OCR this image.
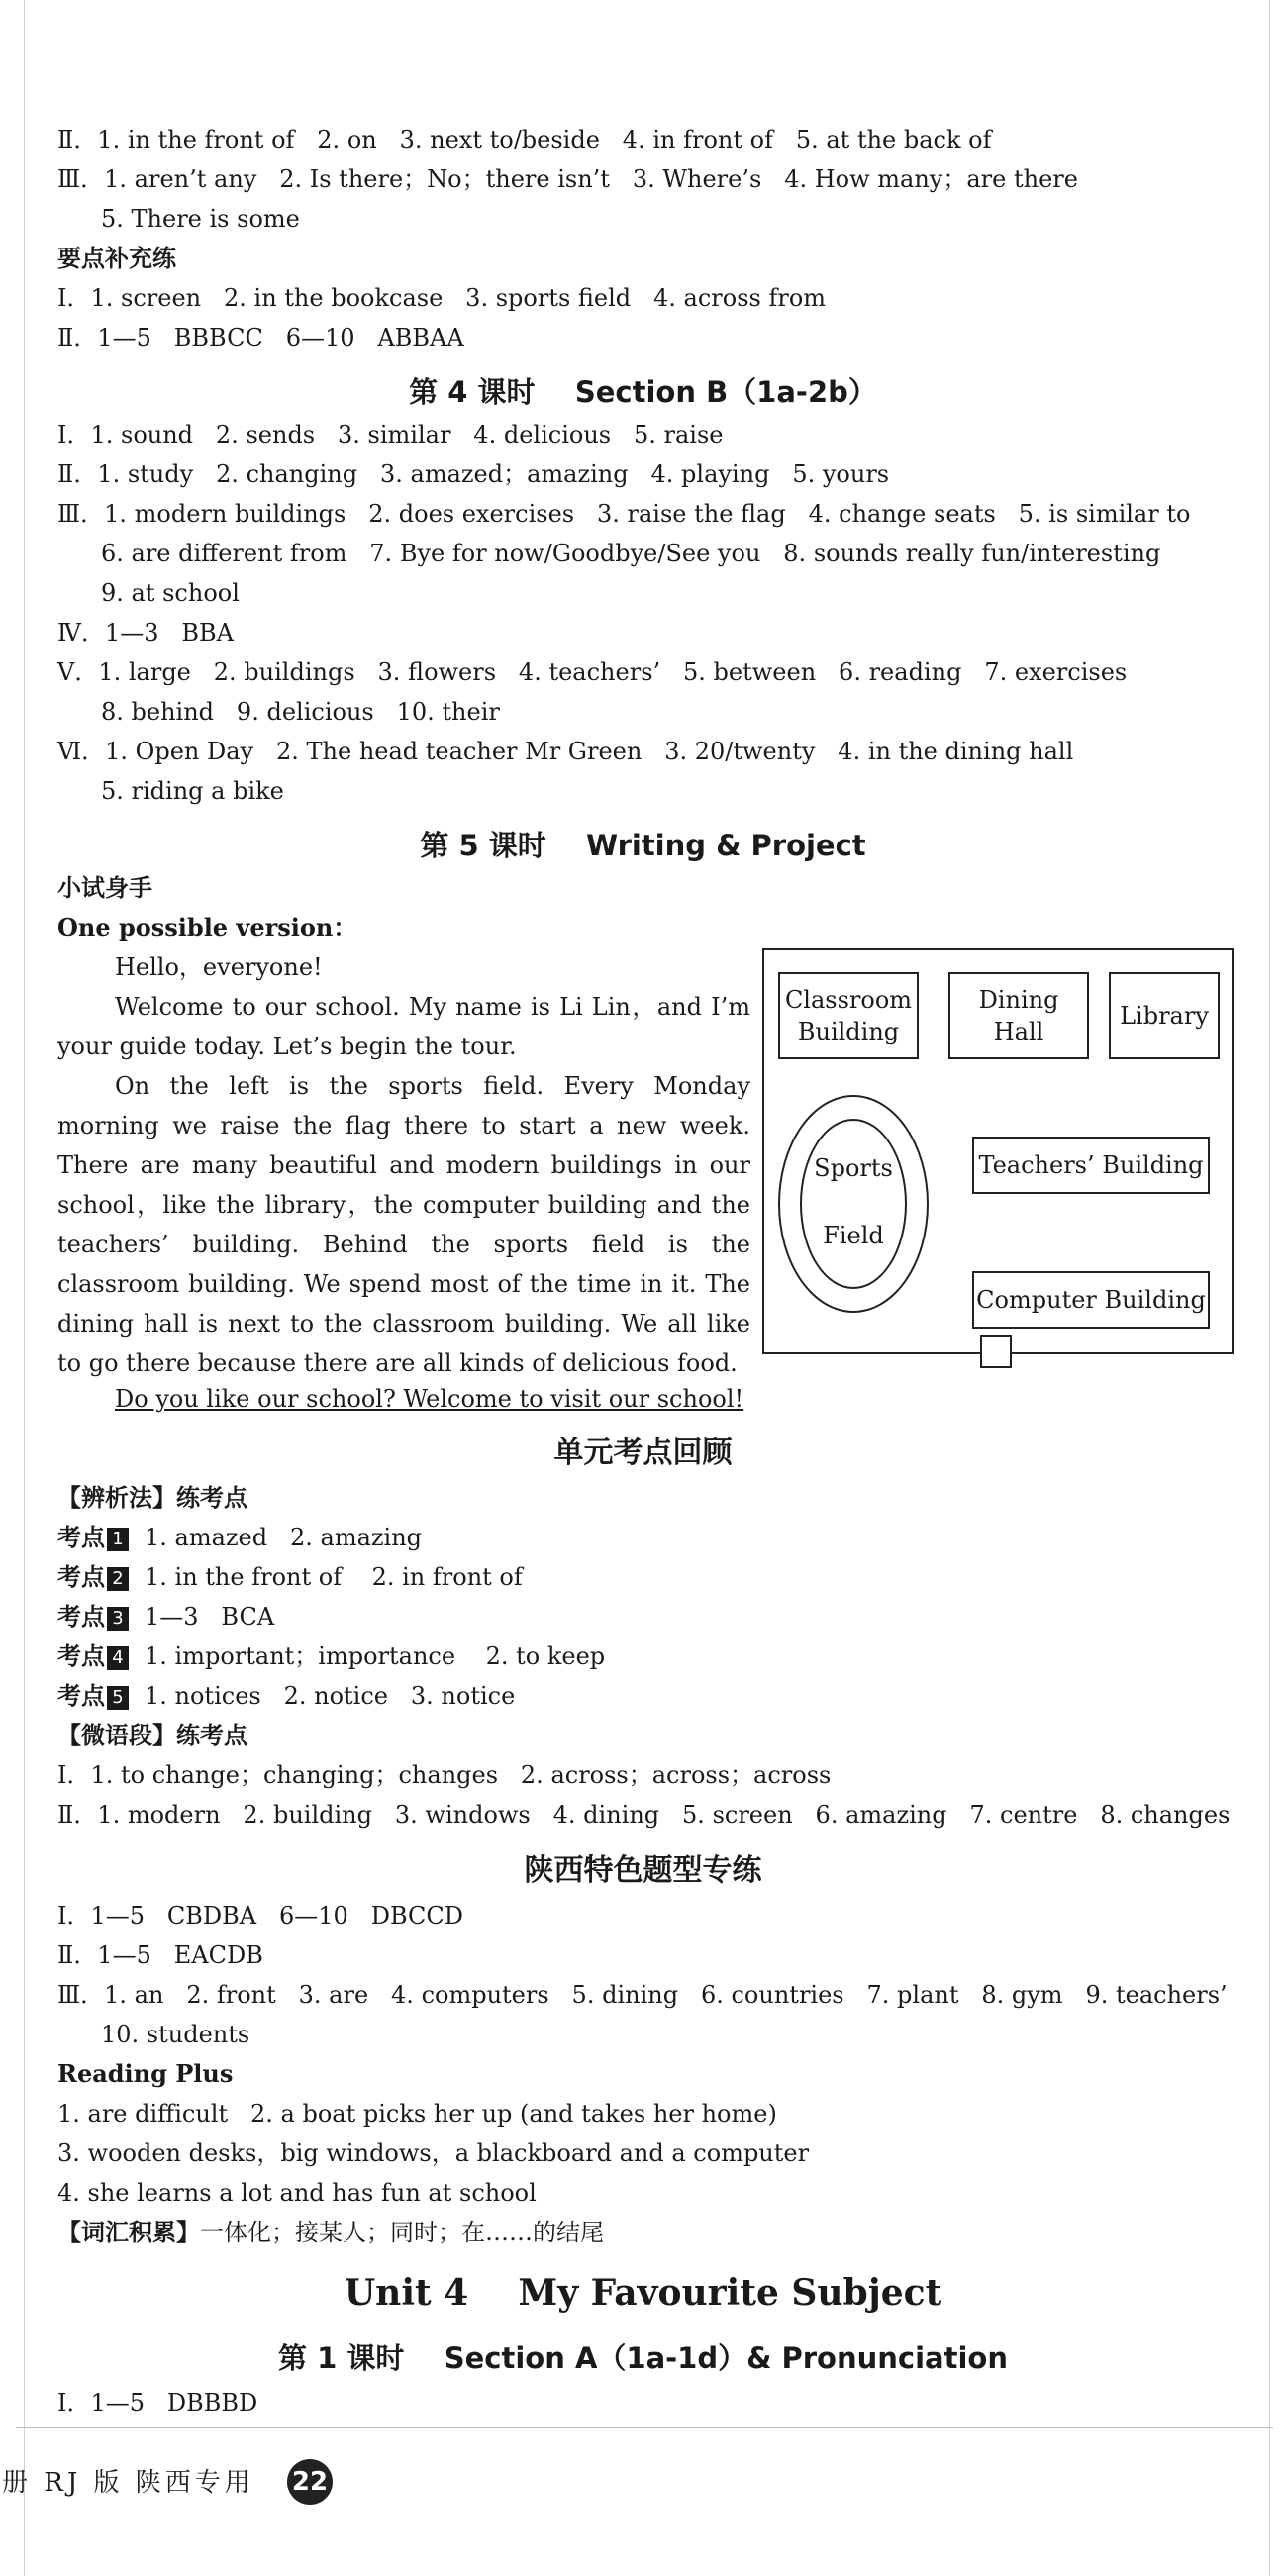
Ⅱ．1. in the front of   2. on   3. next to/beside   4. in front of   5. at the back of
Ⅲ．1. aren’t any   2. Is there；No；there isn’t   3. Where’s   4. How many；are there
5. There is some
要点补充练
Ⅰ．1. screen   2. in the bookcase   3. sports field   4. across from
Ⅱ．1—5   BBBCC   6—10   ABBAA
第 4 课时    Section B（1a-2b）
Ⅰ．1. sound   2. sends   3. similar   4. delicious   5. raise
Ⅱ．1. study   2. changing   3. amazed；amazing   4. playing   5. yours
Ⅲ．1. modern buildings   2. does exercises   3. raise the flag   4. change seats   5. is similar to
6. are different from   7. Bye for now/Goodbye/See you   8. sounds really fun/interesting
9. at school
Ⅳ．1—3   BBA
Ⅴ．1. large   2. buildings   3. flowers   4. teachers’   5. between   6. reading   7. exercises
8. behind   9. delicious   10. their
Ⅵ．1. Open Day   2. The head teacher Mr Green   3. 20/twenty   4. in the dining hall
5. riding a bike
第 5 课时    Writing & Project
小试身手
One possible version：
Hello，everyone!

Welcome to our school. My name is Li Lin，and I’m your guide today. Let’s begin the tour.

On the left is the sports field. Every Monday morning we raise the flag there to start a new week. There are many beautiful and modern buildings in our school，like the library，the computer building and the teachers’ building. Behind the sports field is the classroom building. We spend most of the time in it. The dining hall is next to the classroom building. We all like to go there because there are all kinds of delicious food.

Do you like our school? Welcome to visit our school!
Classroom Building
Dining Hall
Library
Sports
Field
Teachers’ Building
Computer Building
单元考点回顾
【辨析法】练考点
考点 1 1. amazed   2. amazing
考点 2 1. in the front of    2. in front of
考点 3 1—3   BCA
考点 4 1. important；importance    2. to keep
考点 5 1. notices   2. notice   3. notice
【微语段】练考点
Ⅰ．1. to change；changing；changes   2. across；across；across
Ⅱ．1. modern   2. building   3. windows   4. dining   5. screen   6. amazing   7. centre   8. changes
陕西特色题型专练
Ⅰ．1—5   CBDBA   6—10   DBCCD
Ⅱ．1—5   EACDB
Ⅲ．1. an   2. front   3. are   4. computers   5. dining   6. countries   7. plant   8. gym   9. teachers’
10. students
Reading Plus
1. are difficult   2. a boat picks her up (and takes her home)
3. wooden desks，big windows，a blackboard and a computer
4. she learns a lot and has fun at school
【词汇积累】一体化；接某人；同时；在……的结尾
Unit 4    My Favourite Subject
第 1 课时    Section A（1a-1d）& Pronunciation
Ⅰ．1—5   DBBBD
册 RJ 版 陕西专用 22
